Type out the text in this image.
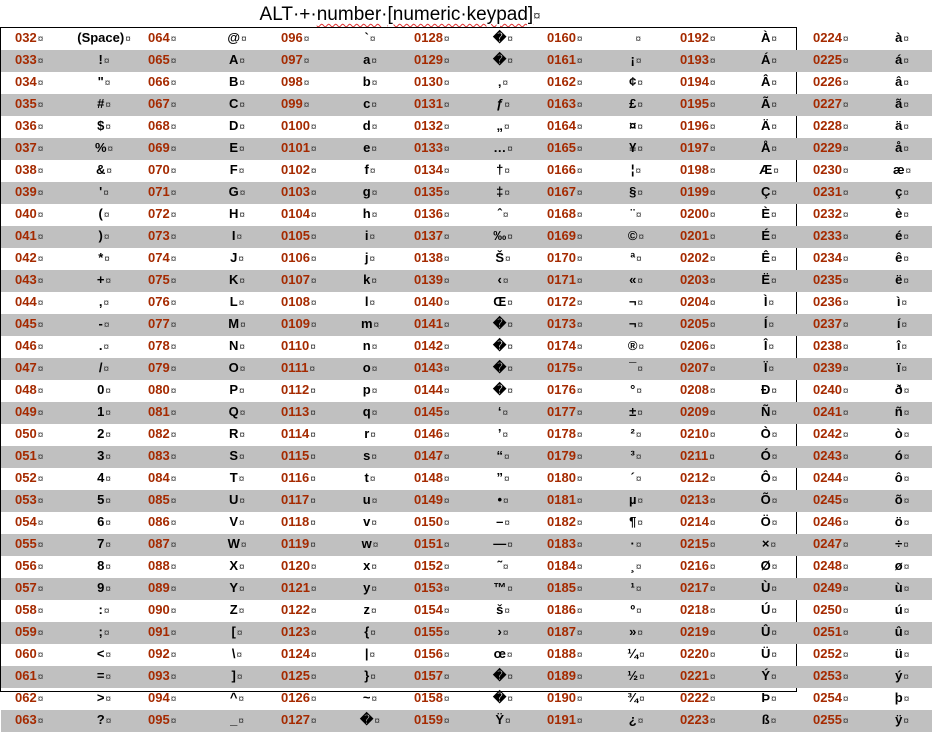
ALT·+·number·[numeric·keypad]¤
032¤	(Space)¤	064¤	@¤	096¤	`¤	0128¤	�¤	0160¤	¤	0192¤	À¤	0224¤	à¤
033¤	!¤	065¤	A¤	097¤	a¤	0129¤	�¤	0161¤	¡¤	0193¤	Á¤	0225¤	á¤
034¤	"¤	066¤	B¤	098¤	b¤	0130¤	‚¤	0162¤	¢¤	0194¤	Â¤	0226¤	â¤
035¤	#¤	067¤	C¤	099¤	c¤	0131¤	ƒ¤	0163¤	£¤	0195¤	Ã¤	0227¤	ã¤
036¤	$¤	068¤	D¤	0100¤	d¤	0132¤	„¤	0164¤	¤¤	0196¤	Ä¤	0228¤	ä¤
037¤	%¤	069¤	E¤	0101¤	e¤	0133¤	…¤	0165¤	¥¤	0197¤	Å¤	0229¤	å¤
038¤	&¤	070¤	F¤	0102¤	f¤	0134¤	†¤	0166¤	¦¤	0198¤	Æ¤	0230¤	æ¤
039¤	'¤	071¤	G¤	0103¤	g¤	0135¤	‡¤	0167¤	§¤	0199¤	Ç¤	0231¤	ç¤
040¤	(¤	072¤	H¤	0104¤	h¤	0136¤	ˆ¤	0168¤	¨¤	0200¤	È¤	0232¤	è¤
041¤	)¤	073¤	I¤	0105¤	i¤	0137¤	‰¤	0169¤	©¤	0201¤	É¤	0233¤	é¤
042¤	*¤	074¤	J¤	0106¤	j¤	0138¤	Š¤	0170¤	ª¤	0202¤	Ê¤	0234¤	ê¤
043¤	+¤	075¤	K¤	0107¤	k¤	0139¤	‹¤	0171¤	«¤	0203¤	Ë¤	0235¤	ë¤
044¤	,¤	076¤	L¤	0108¤	l¤	0140¤	Œ¤	0172¤	¬¤	0204¤	Ì¤	0236¤	ì¤
045¤	-¤	077¤	M¤	0109¤	m¤	0141¤	�¤	0173¤	¬¤	0205¤	Í¤	0237¤	í¤
046¤	.¤	078¤	N¤	0110¤	n¤	0142¤	�¤	0174¤	®¤	0206¤	Î¤	0238¤	î¤
047¤	/¤	079¤	O¤	0111¤	o¤	0143¤	�¤	0175¤	¯¤	0207¤	Ï¤	0239¤	ï¤
048¤	0¤	080¤	P¤	0112¤	p¤	0144¤	�¤	0176¤	°¤	0208¤	Ð¤	0240¤	ð¤
049¤	1¤	081¤	Q¤	0113¤	q¤	0145¤	‘¤	0177¤	±¤	0209¤	Ñ¤	0241¤	ñ¤
050¤	2¤	082¤	R¤	0114¤	r¤	0146¤	’¤	0178¤	²¤	0210¤	Ò¤	0242¤	ò¤
051¤	3¤	083¤	S¤	0115¤	s¤	0147¤	“¤	0179¤	³¤	0211¤	Ó¤	0243¤	ó¤
052¤	4¤	084¤	T¤	0116¤	t¤	0148¤	”¤	0180¤	´¤	0212¤	Ô¤	0244¤	ô¤
053¤	5¤	085¤	U¤	0117¤	u¤	0149¤	•¤	0181¤	µ¤	0213¤	Õ¤	0245¤	õ¤
054¤	6¤	086¤	V¤	0118¤	v¤	0150¤	–¤	0182¤	¶¤	0214¤	Ö¤	0246¤	ö¤
055¤	7¤	087¤	W¤	0119¤	w¤	0151¤	—¤	0183¤	·¤	0215¤	×¤	0247¤	÷¤
056¤	8¤	088¤	X¤	0120¤	x¤	0152¤	˜¤	0184¤	¸¤	0216¤	Ø¤	0248¤	ø¤
057¤	9¤	089¤	Y¤	0121¤	y¤	0153¤	™¤	0185¤	¹¤	0217¤	Ù¤	0249¤	ù¤
058¤	:¤	090¤	Z¤	0122¤	z¤	0154¤	š¤	0186¤	º¤	0218¤	Ú¤	0250¤	ú¤
059¤	;¤	091¤	[¤	0123¤	{¤	0155¤	›¤	0187¤	»¤	0219¤	Û¤	0251¤	û¤
060¤	<¤	092¤	\¤	0124¤	|¤	0156¤	œ¤	0188¤	¼¤	0220¤	Ü¤	0252¤	ü¤
061¤	=¤	093¤	]¤	0125¤	}¤	0157¤	�¤	0189¤	½¤	0221¤	Ý¤	0253¤	ý¤
062¤	>¤	094¤	^¤	0126¤	~¤	0158¤	�¤	0190¤	¾¤	0222¤	Þ¤	0254¤	þ¤
063¤	?¤	095¤	_¤	0127¤	�¤	0159¤	Ÿ¤	0191¤	¿¤	0223¤	ß¤	0255¤	ÿ¤
